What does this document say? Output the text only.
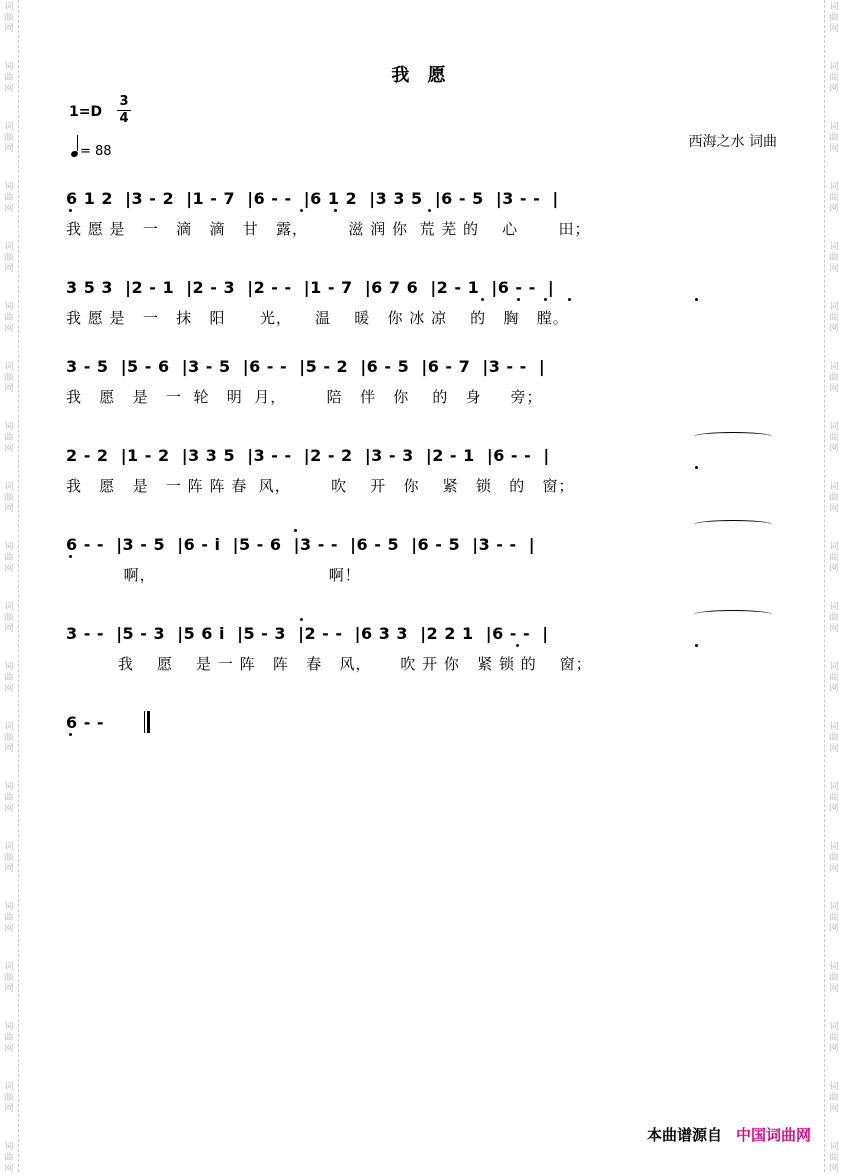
词
曲
网
词
曲
网
词
曲
网
词
曲
网
词
曲
网
词
曲
网
词
曲
网
词
曲
网
词
曲
网
词
曲
网
词
曲
网
词
曲
网
词
曲
网
词
曲
网
词
曲
网
词
曲
网
词
曲
网
词
曲
网
词
曲
网
词
曲
网
词
曲
网
词
曲
网
词
曲
网
词
曲
网
词
曲
网
词
曲
网
词
曲
网
词
曲
网
词
曲
网
词
曲
网
词
曲
网
词
曲
网
词
曲
网
词
曲
网
词
曲
网
词
曲
网
词
曲
网
词
曲
网
词
曲
网
词
曲
网
我 愿
1=D
3
4
= 88
西海之水 词曲
6 1 2  |3 - 2  |1 - 7  |6 - -  |6 1 2  |3 3 5  |6 - 5  |3 - -  |
我 愿 是   一   滴   滴   甘   露，       滋 润 你  荒 芜 的    心       田；
3 5 3  |2 - 1  |2 - 3  |2 - -  |1 - 7  |6 7 6  |2 - 1  |6 - -  |
我 愿 是   一   抹   阳      光，    温    暖   你 冰 凉    的   胸   膛。
3 - 5  |5 - 6  |3 - 5  |6 - -  |5 - 2  |6 - 5  |6 - 7  |3 - -  |
我   愿   是   一  轮   明  月，       陪   伴   你    的   身     旁；
2 - 2  |1 - 2  |3 3 5  |3 - -  |2 - 2  |3 - 3  |2 - 1  |6 - -  |
我   愿   是   一 阵 阵 春  风，       吹    开   你    紧   锁   的   窗；
6 - -  |3 - 5  |6 - i  |5 - 6  |3 - -  |6 - 5  |6 - 5  |3 - -  |
啊，                              啊！
3 - -  |5 - 3  |5 6 i  |5 - 3  |2 - -  |6 3 3  |2 2 1  |6 - -  |
我    愿    是 一 阵   阵   春   风，     吹 开 你   紧 锁 的    窗；
6 - -
本曲谱源自 中国词曲网
